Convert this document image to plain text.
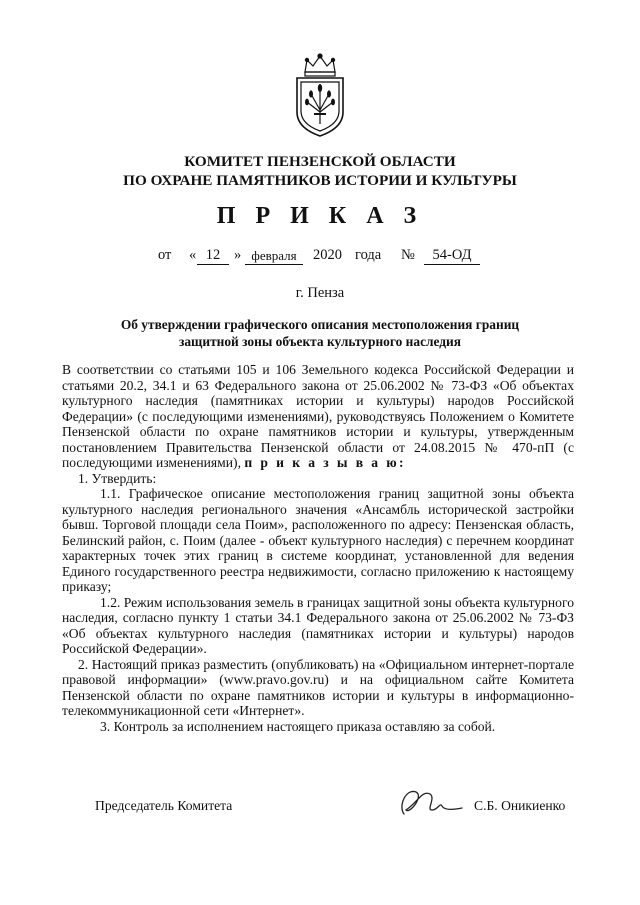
КОМИТЕТ ПЕНЗЕНСКОЙ ОБЛАСТИ
ПО ОХРАНЕ ПАМЯТНИКОВ ИСТОРИИ И КУЛЬТУРЫ
П Р И К А З
от « 12 » февраля	2020 года №	54-ОД
г. Пенза
Об утверждении графического описания местоположения границ
защитной зоны объекта культурного наследия

В соответствии со статьями 105 и 106 Земельного кодекса Российской Федерации и статьями 20.2, 34.1 и 63 Федерального закона от 25.06.2002 № 73-ФЗ «Об объектах культурного наследия (памятниках истории и культуры) народов Российской Федерации» (с последующими изменениями), руководствуясь Положением о Комитете Пензенской области по охране памятников истории и культуры, утвержденным постановлением Правительства Пензенской области от 24.08.2015 № 470-пП (с последующими изменениями), п р и к а з ы в а ю:

1. Утвердить:

1.1. Графическое описание местоположения границ защитной зоны объекта культурного наследия регионального значения «Ансамбль исторической застройки бывш. Торговой площади села Поим», расположенного по адресу: Пензенская область, Белинский район, с. Поим (далее - объект культурного наследия) с перечнем координат характерных точек этих границ в системе координат, установленной для ведения Единого государственного реестра недвижимости, согласно приложению к настоящему приказу;

1.2. Режим использования земель в границах защитной зоны объекта культурного наследия, согласно пункту 1 статьи 34.1 Федерального закона от 25.06.2002 № 73-ФЗ «Об объектах культурного наследия (памятниках истории и культуры) народов Российской Федерации».

2. Настоящий приказ разместить (опубликовать) на «Официальном интернет-портале правовой информации» (www.pravo.gov.ru) и на официальном сайте Комитета Пензенской области по охране памятников истории и культуры в информационно-телекоммуникационной сети «Интернет».

3. Контроль за исполнением настоящего приказа оставляю за собой.

Председатель Комитета	С.Б. Оникиенко
